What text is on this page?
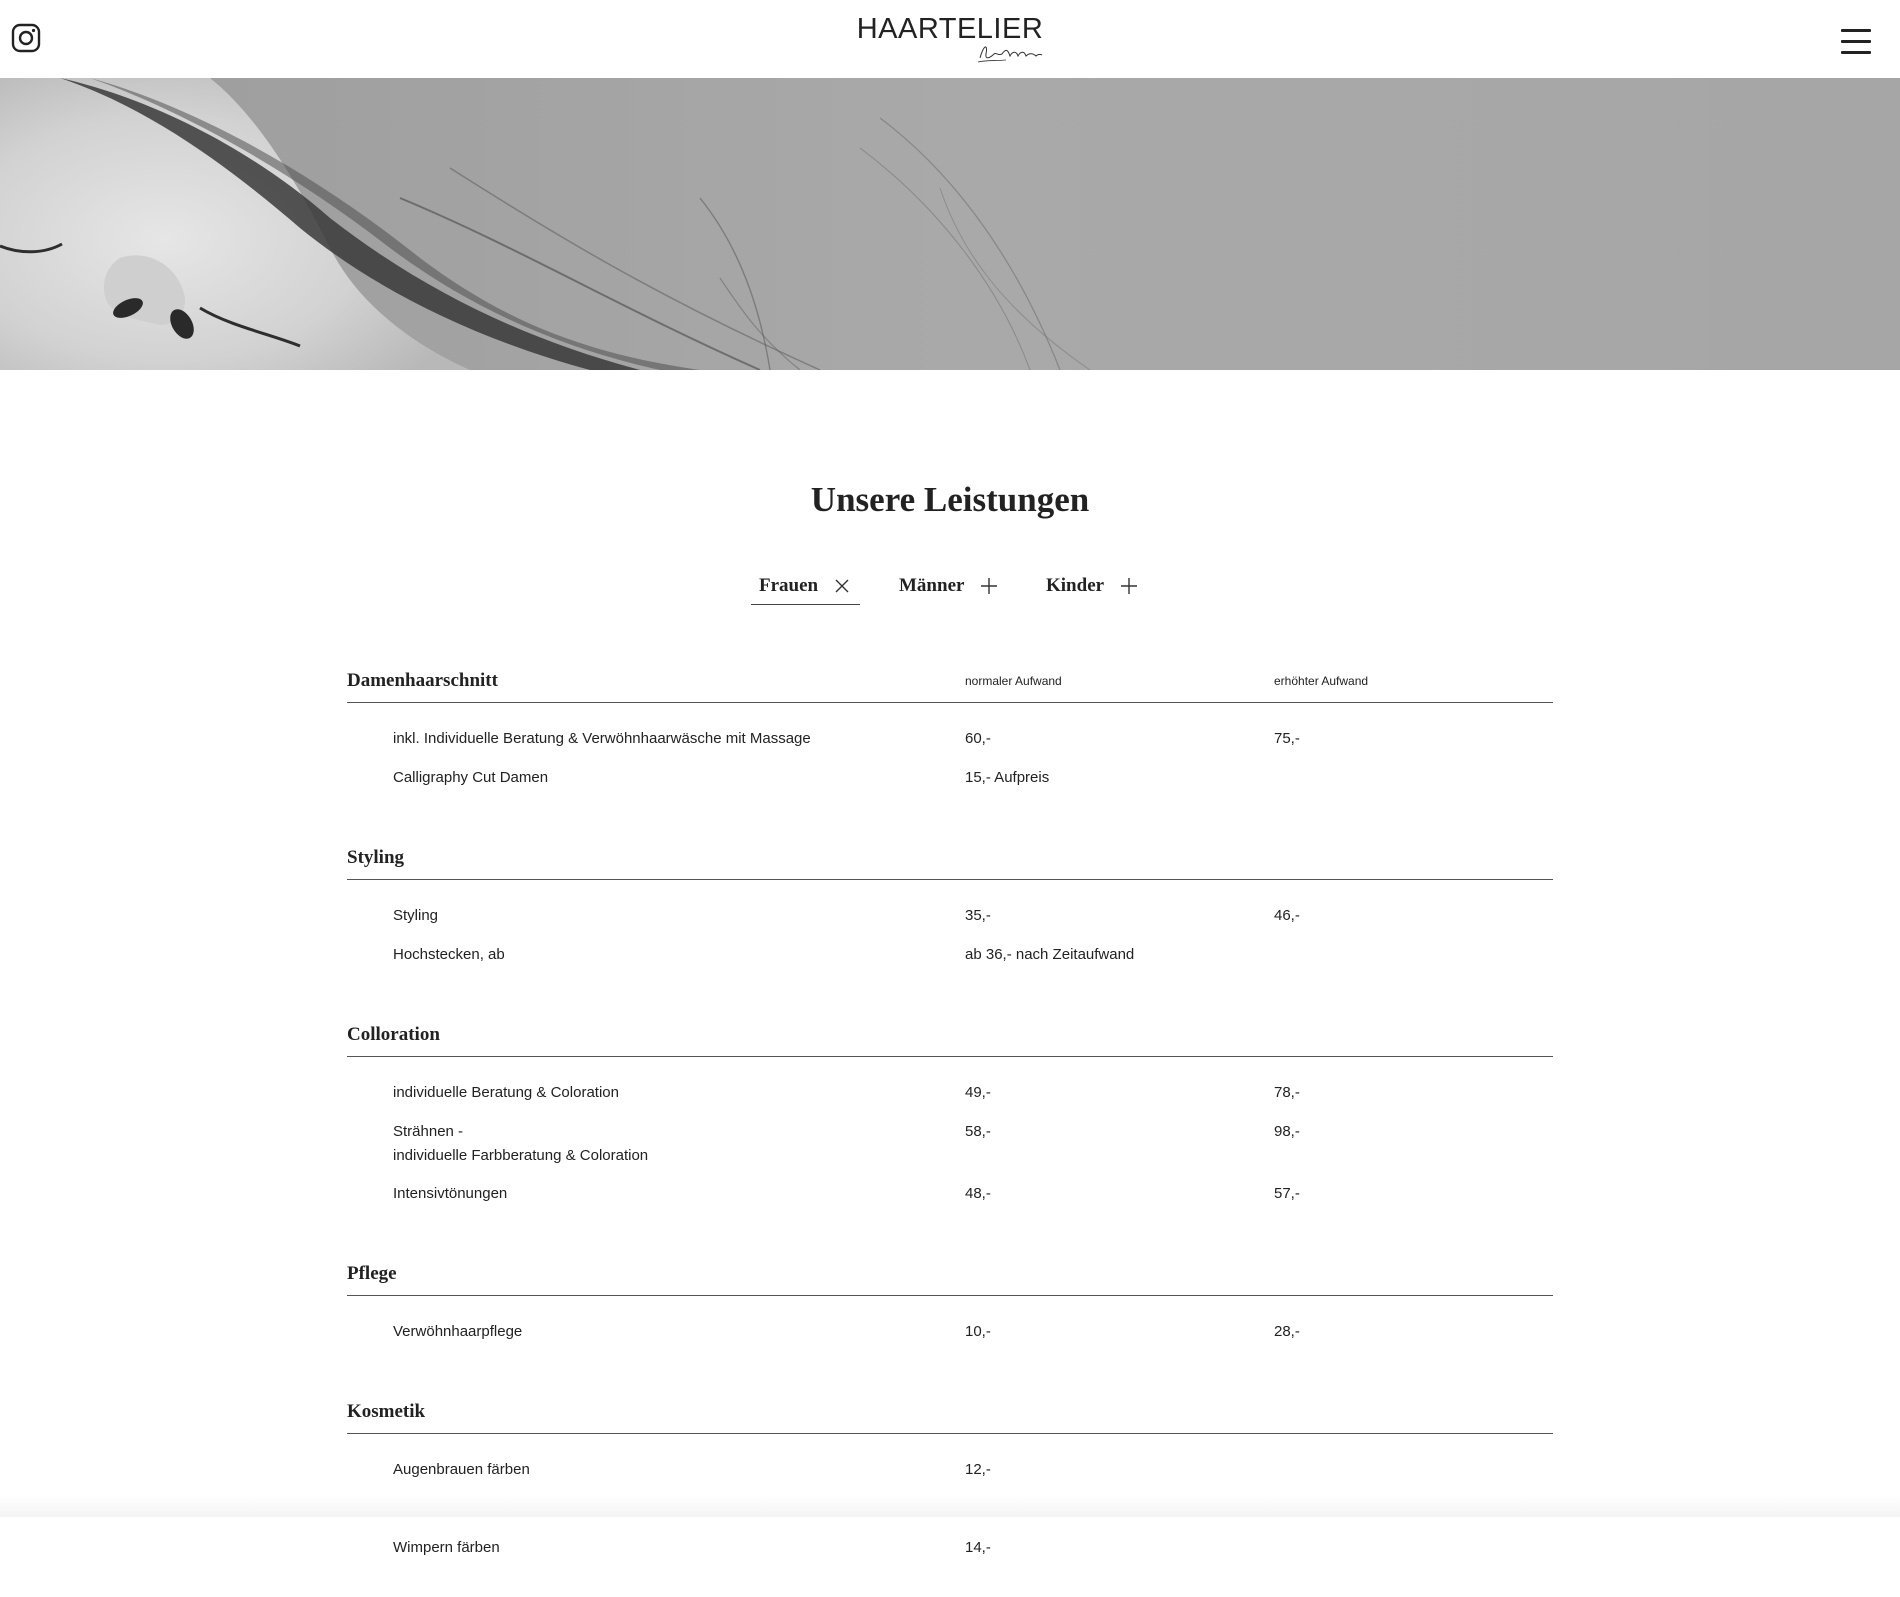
HAARTELIER
Unsere Leistungen
Frauen	Männer	Kinder
Damenhaarschnitt	normaler Aufwand	erhöhter Aufwand
inkl. Individuelle Beratung & Verwöhnhaarwäsche mit Massage	60,-	75,-
Calligraphy Cut Damen	15,- Aufpreis
Styling
Styling	35,-	46,-
Hochstecken, ab	ab 36,- nach Zeitaufwand
Colloration
individuelle Beratung & Coloration	49,-	78,-
Strähnen -
individuelle Farbberatung & Coloration
58,-	98,-
Intensivtönungen	48,-	57,-
Pflege
Verwöhnhaarpflege	10,-	28,-
Kosmetik
Augenbrauen färben	12,-
Wimpern färben	14,-
